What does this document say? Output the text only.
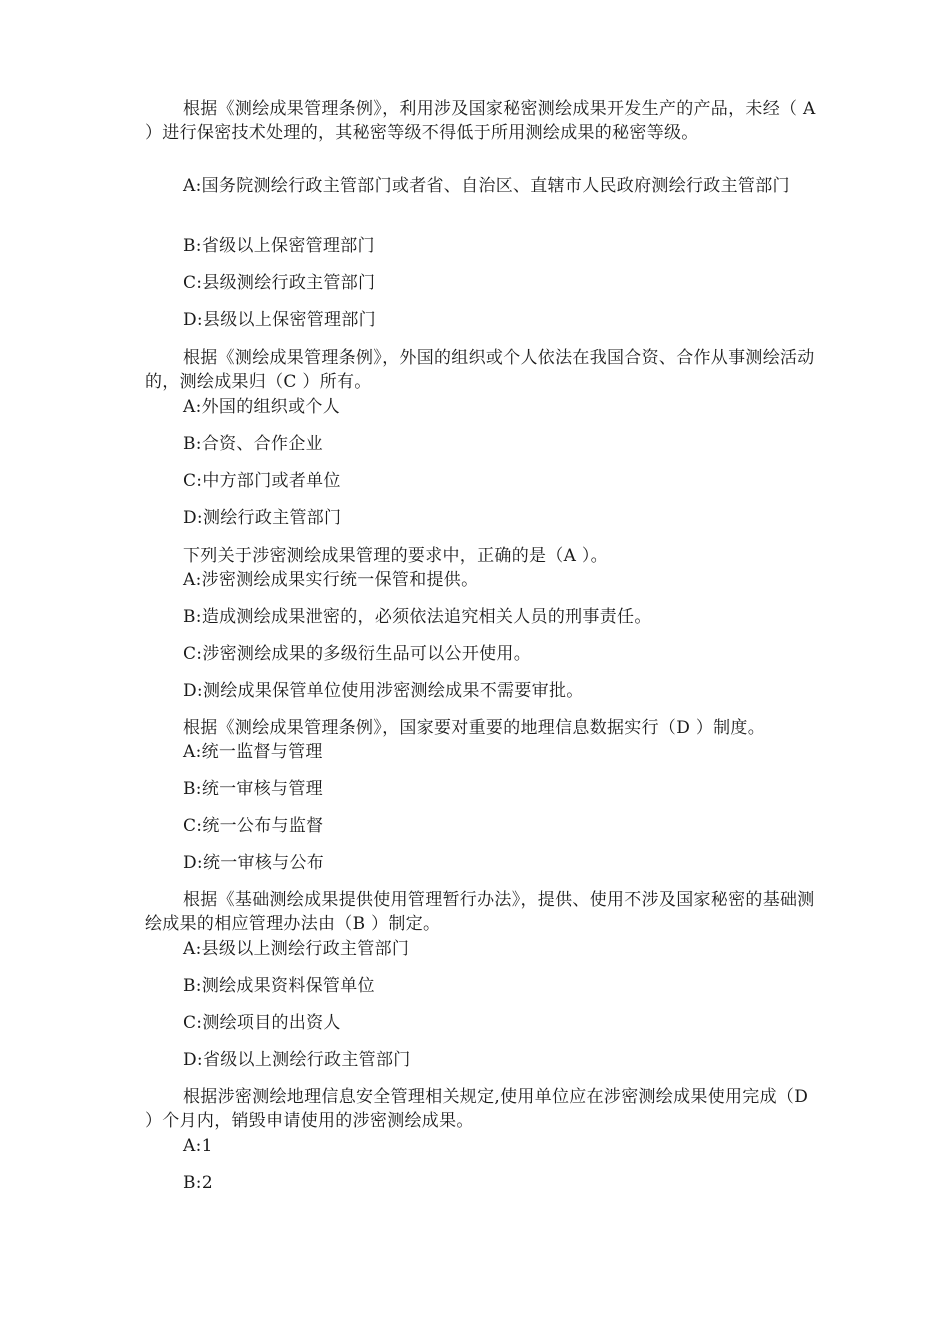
根据《测绘成果管理条例》，利用涉及国家秘密测绘成果开发生产的产品，未经（ A ）进行保密技术处理的，其秘密等级不得低于所用测绘成果的秘密等级。

A:国务院测绘行政主管部门或者省、自治区、直辖市人民政府测绘行政主管部门

B:省级以上保密管理部门

C:县级测绘行政主管部门

D:县级以上保密管理部门

根据《测绘成果管理条例》，外国的组织或个人依法在我国合资、合作从事测绘活动的，测绘成果归（C ）所有。

A:外国的组织或个人

B:合资、合作企业

C:中方部门或者单位

D:测绘行政主管部门

下列关于涉密测绘成果管理的要求中，正确的是（A ）。

A:涉密测绘成果实行统一保管和提供。

B:造成测绘成果泄密的，必须依法追究相关人员的刑事责任。

C:涉密测绘成果的多级衍生品可以公开使用。

D:测绘成果保管单位使用涉密测绘成果不需要审批。

根据《测绘成果管理条例》，国家要对重要的地理信息数据实行（D ）制度。

A:统一监督与管理

B:统一审核与管理

C:统一公布与监督

D:统一审核与公布

根据《基础测绘成果提供使用管理暂行办法》，提供、使用不涉及国家秘密的基础测绘成果的相应管理办法由（B ）制定。

A:县级以上测绘行政主管部门

B:测绘成果资料保管单位

C:测绘项目的出资人

D:省级以上测绘行政主管部门

根据涉密测绘地理信息安全管理相关规定,使用单位应在涉密测绘成果使用完成（D ）个月内，销毁申请使用的涉密测绘成果。

A:1

B:2
